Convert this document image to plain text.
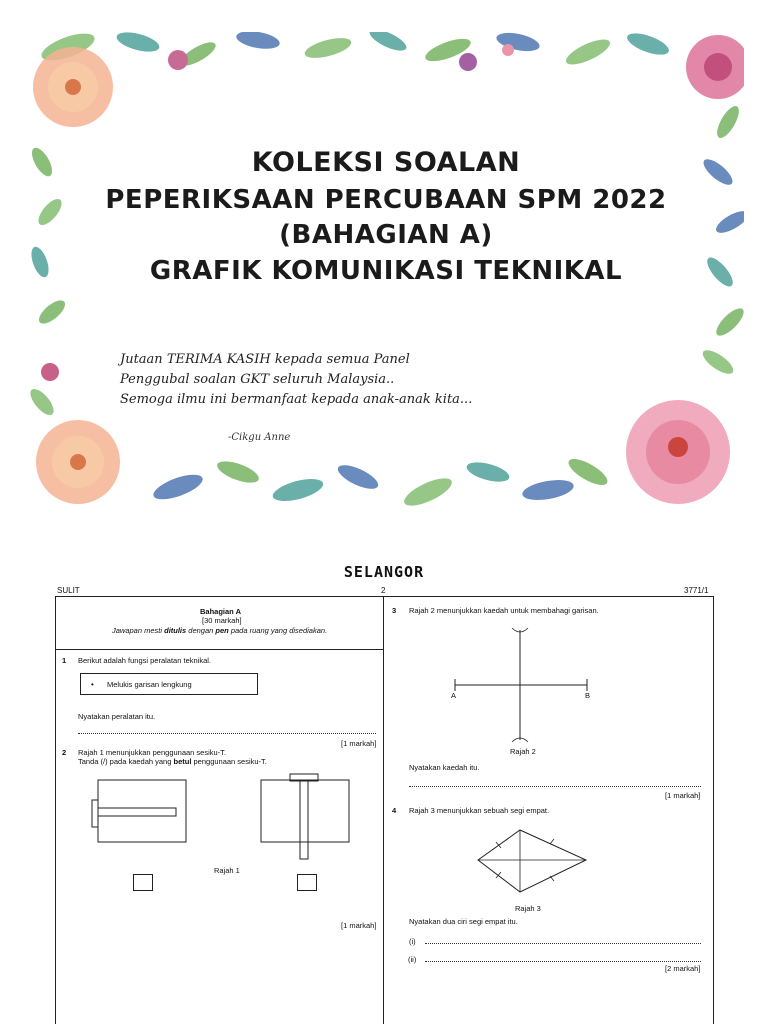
KOLEKSI SOALAN
PEPERIKSAAN PERCUBAAN SPM 2022
(BAHAGIAN A)
GRAFIK KOMUNIKASI TEKNIKAL
Jutaan TERIMA KASIH kepada semua Panel
Penggubal soalan GKT seluruh Malaysia..
Semoga ilmu ini bermanfaat kepada anak-anak kita...
-Cikgu Anne
SELANGOR
SULIT	2	3771/1
Bahagian A
[30 markah]
Jawapan mesti ditulis dengan pen pada ruang yang disediakan.
1 Berikut adalah fungsi peralatan teknikal.
• Melukis garisan lengkung
Nyatakan peralatan itu.
[1 markah]
2 Rajah 1 menunjukkan penggunaan sesiku-T.
Tanda (/) pada kaedah yang betul penggunaan sesiku-T.
Rajah 1
[1 markah]
3 Rajah 2 menunjukkan kaedah untuk membahagi garisan.
A	B
Rajah 2
Nyatakan kaedah itu.
[1 markah]
4 Rajah 3 menunjukkan sebuah segi empat.
Rajah 3
Nyatakan dua ciri segi empat itu.
(i)
(ii)
[2 markah]
